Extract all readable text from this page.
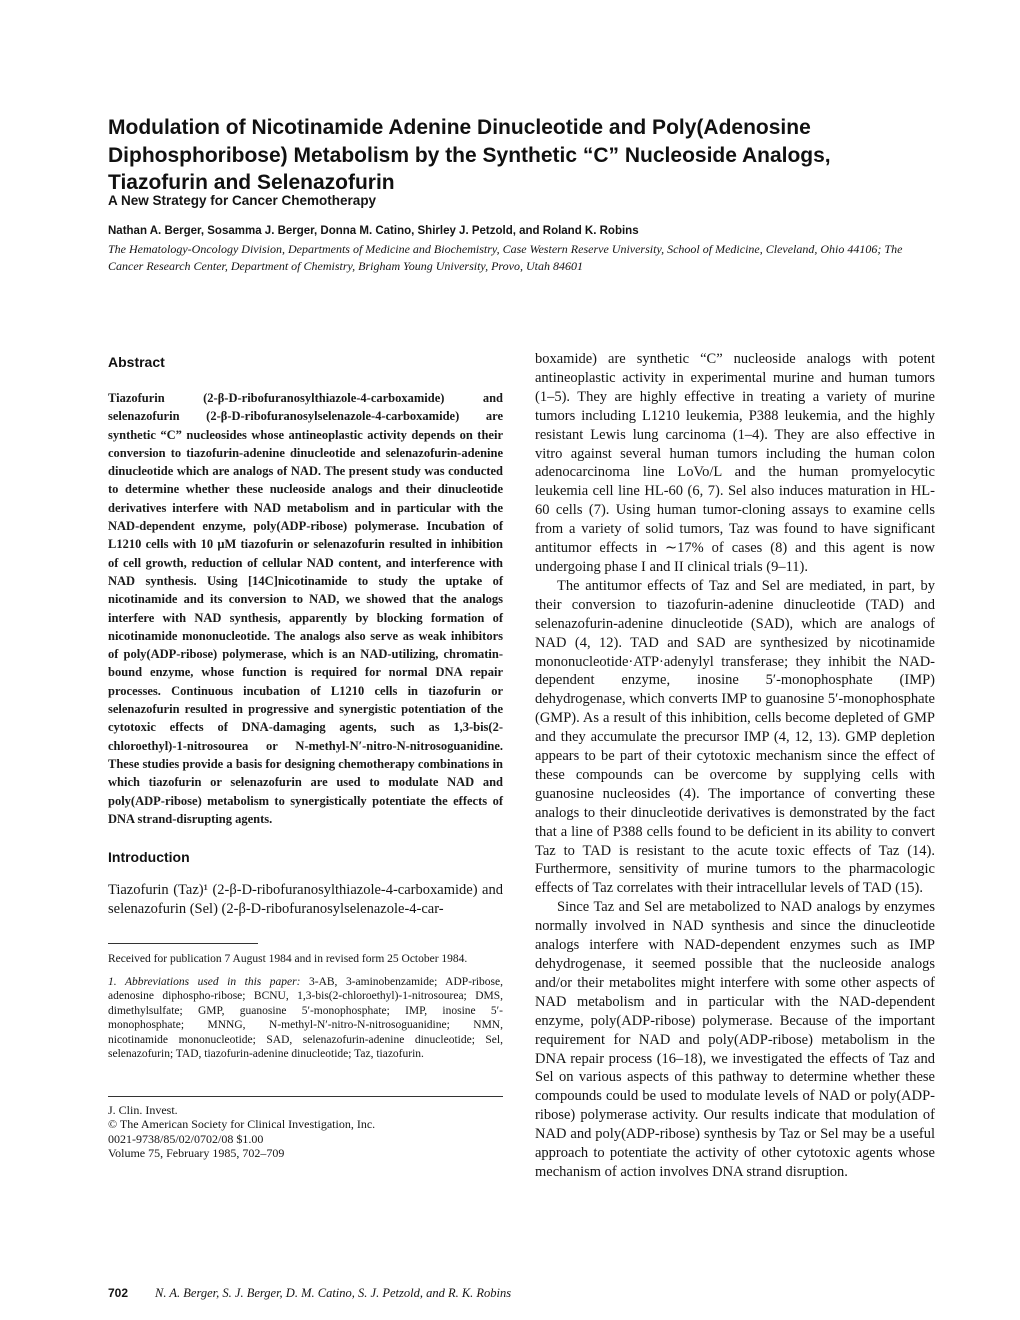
Modulation of Nicotinamide Adenine Dinucleotide and Poly(Adenosine Diphosphoribose) Metabolism by the Synthetic “C” Nucleoside Analogs, Tiazofurin and Selenazofurin
A New Strategy for Cancer Chemotherapy
Nathan A. Berger, Sosamma J. Berger, Donna M. Catino, Shirley J. Petzold, and Roland K. Robins
The Hematology-Oncology Division, Departments of Medicine and Biochemistry, Case Western Reserve University, School of Medicine, Cleveland, Ohio 44106; The Cancer Research Center, Department of Chemistry, Brigham Young University, Provo, Utah 84601
Abstract

Tiazofurin (2-β-D-ribofuranosylthiazole-4-carboxamide) and selenazofurin (2-β-D-ribofuranosylselenazole-4-carboxamide) are synthetic “C” nucleosides whose antineoplastic activity depends on their conversion to tiazofurin-adenine dinucleotide and selenazofurin-adenine dinucleotide which are analogs of NAD. The present study was conducted to determine whether these nucleoside analogs and their dinucleotide derivatives interfere with NAD metabolism and in particular with the NAD-dependent enzyme, poly(ADP-ribose) polymerase. Incubation of L1210 cells with 10 μM tiazofurin or selenazofurin resulted in inhibition of cell growth, reduction of cellular NAD content, and interference with NAD synthesis. Using [14C]nicotinamide to study the uptake of nicotinamide and its conversion to NAD, we showed that the analogs interfere with NAD synthesis, apparently by blocking formation of nicotinamide mononucleotide. The analogs also serve as weak inhibitors of poly(ADP-ribose) polymerase, which is an NAD-utilizing, chromatin-bound enzyme, whose function is required for normal DNA repair processes. Continuous incubation of L1210 cells in tiazofurin or selenazofurin resulted in progressive and synergistic potentiation of the cytotoxic effects of DNA-damaging agents, such as 1,3-bis(2-chloroethyl)-1-nitrosourea or N-methyl-N′-nitro-N-nitrosoguanidine. These studies provide a basis for designing chemotherapy combinations in which tiazofurin or selenazofurin are used to modulate NAD and poly(ADP-ribose) metabolism to synergistically potentiate the effects of DNA strand-disrupting agents.

Introduction

Tiazofurin (Taz)¹ (2-β-D-ribofuranosylthiazole-4-carboxamide) and selenazofurin (Sel) (2-β-D-ribofuranosylselenazole-4-car-

Received for publication 7 August 1984 and in revised form 25 October 1984.

1. Abbreviations used in this paper: 3-AB, 3-aminobenzamide; ADP-ribose, adenosine diphospho-ribose; BCNU, 1,3-bis(2-chloroethyl)-1-nitrosourea; DMS, dimethylsulfate; GMP, guanosine 5′-monophosphate; IMP, inosine 5′-monophosphate; MNNG, N-methyl-N′-nitro-N-nitrosoguanidine; NMN, nicotinamide mononucleotide; SAD, selenazofurin-adenine dinucleotide; Sel, selenazofurin; TAD, tiazofurin-adenine dinucleotide; Taz, tiazofurin.

J. Clin. Invest.

© The American Society for Clinical Investigation, Inc.

0021-9738/85/02/0702/08 $1.00

Volume 75, February 1985, 702–709

boxamide) are synthetic “C” nucleoside analogs with potent antineoplastic activity in experimental murine and human tumors (1–5). They are highly effective in treating a variety of murine tumors including L1210 leukemia, P388 leukemia, and the highly resistant Lewis lung carcinoma (1–4). They are also effective in vitro against several human tumors including the human colon adenocarcinoma line LoVo/L and the human promyelocytic leukemia cell line HL-60 (6, 7). Sel also induces maturation in HL-60 cells (7). Using human tumor-cloning assays to examine cells from a variety of solid tumors, Taz was found to have significant antitumor effects in ∼17% of cases (8) and this agent is now undergoing phase I and II clinical trials (9–11).

The antitumor effects of Taz and Sel are mediated, in part, by their conversion to tiazofurin-adenine dinucleotide (TAD) and selenazofurin-adenine dinucleotide (SAD), which are analogs of NAD (4, 12). TAD and SAD are synthesized by nicotinamide mononucleotide·ATP·adenylyl transferase; they inhibit the NAD-dependent enzyme, inosine 5′-monophosphate (IMP) dehydrogenase, which converts IMP to guanosine 5′-monophosphate (GMP). As a result of this inhibition, cells become depleted of GMP and they accumulate the precursor IMP (4, 12, 13). GMP depletion appears to be part of their cytotoxic mechanism since the effect of these compounds can be overcome by supplying cells with guanosine nucleosides (4). The importance of converting these analogs to their dinucleotide derivatives is demonstrated by the fact that a line of P388 cells found to be deficient in its ability to convert Taz to TAD is resistant to the acute toxic effects of Taz (14). Furthermore, sensitivity of murine tumors to the pharmacologic effects of Taz correlates with their intracellular levels of TAD (15).

Since Taz and Sel are metabolized to NAD analogs by enzymes normally involved in NAD synthesis and since the dinucleotide analogs interfere with NAD-dependent enzymes such as IMP dehydrogenase, it seemed possible that the nucleoside analogs and/or their metabolites might interfere with some other aspects of NAD metabolism and in particular with the NAD-dependent enzyme, poly(ADP-ribose) polymerase. Because of the important requirement for NAD and poly(ADP-ribose) metabolism in the DNA repair process (16–18), we investigated the effects of Taz and Sel on various aspects of this pathway to determine whether these compounds could be used to modulate levels of NAD or poly(ADP-ribose) polymerase activity. Our results indicate that modulation of NAD and poly(ADP-ribose) synthesis by Taz or Sel may be a useful approach to potentiate the activity of other cytotoxic agents whose mechanism of action involves DNA strand disruption.

702 N. A. Berger, S. J. Berger, D. M. Catino, S. J. Petzold, and R. K. Robins
